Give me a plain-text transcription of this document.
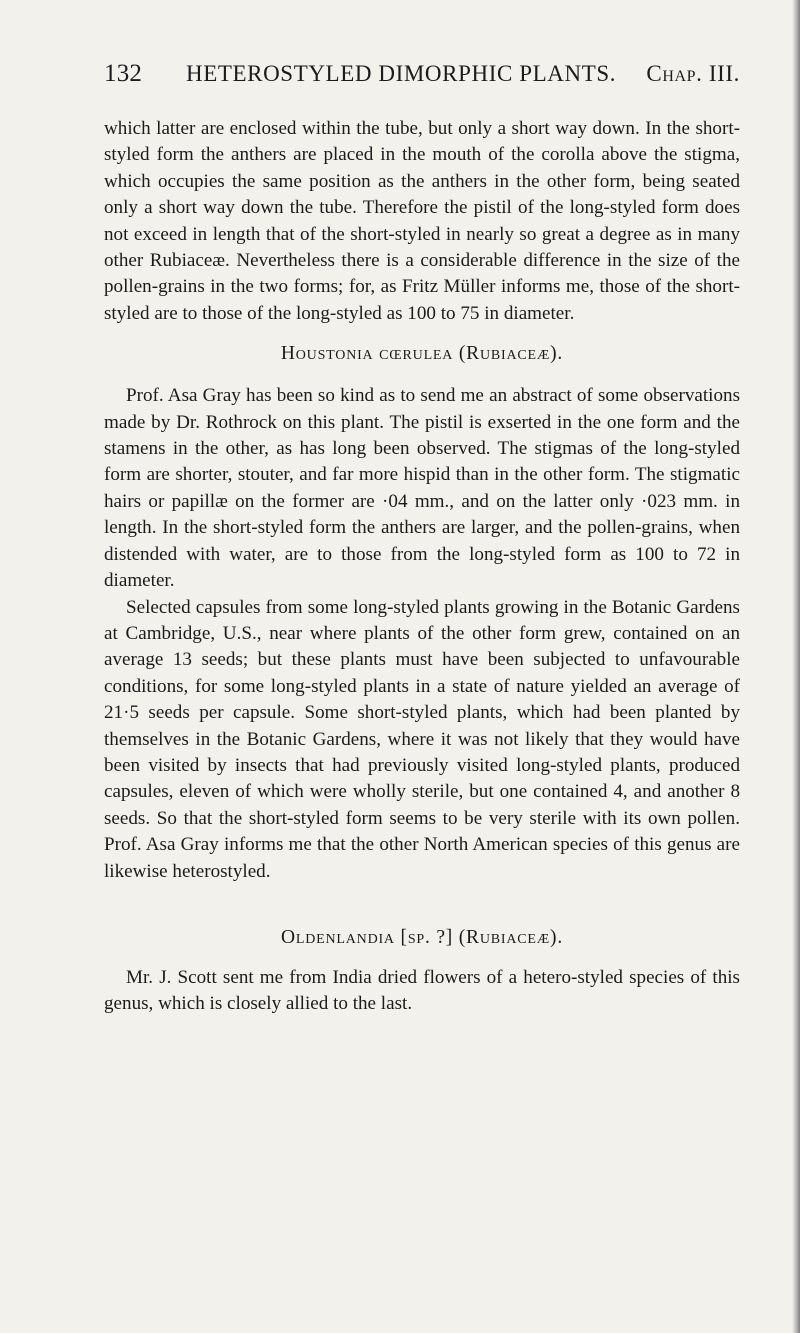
132	HETEROSTYLED DIMORPHIC PLANTS.	Chap. III.

which latter are enclosed within the tube, but only a short way down. In the short-styled form the anthers are placed in the mouth of the corolla above the stigma, which occupies the same position as the anthers in the other form, being seated only a short way down the tube. Therefore the pistil of the long-styled form does not exceed in length that of the short-styled in nearly so great a degree as in many other Rubiaceæ. Nevertheless there is a considerable difference in the size of the pollen-grains in the two forms; for, as Fritz Müller informs me, those of the short-styled are to those of the long-styled as 100 to 75 in diameter.

Houstonia cœrulea (Rubiaceæ).

Prof. Asa Gray has been so kind as to send me an abstract of some observations made by Dr. Rothrock on this plant. The pistil is exserted in the one form and the stamens in the other, as has long been observed. The stigmas of the long-styled form are shorter, stouter, and far more hispid than in the other form. The stigmatic hairs or papillæ on the former are ·04 mm., and on the latter only ·023 mm. in length. In the short-styled form the anthers are larger, and the pollen-grains, when distended with water, are to those from the long-styled form as 100 to 72 in diameter.

Selected capsules from some long-styled plants growing in the Botanic Gardens at Cambridge, U.S., near where plants of the other form grew, contained on an average 13 seeds; but these plants must have been subjected to unfavourable conditions, for some long-styled plants in a state of nature yielded an average of 21·5 seeds per capsule. Some short-styled plants, which had been planted by themselves in the Botanic Gardens, where it was not likely that they would have been visited by insects that had previously visited long-styled plants, produced capsules, eleven of which were wholly sterile, but one contained 4, and another 8 seeds. So that the short-styled form seems to be very sterile with its own pollen. Prof. Asa Gray informs me that the other North American species of this genus are likewise heterostyled.

Oldenlandia [sp. ?] (Rubiaceæ).

Mr. J. Scott sent me from India dried flowers of a hetero-styled species of this genus, which is closely allied to the last.
